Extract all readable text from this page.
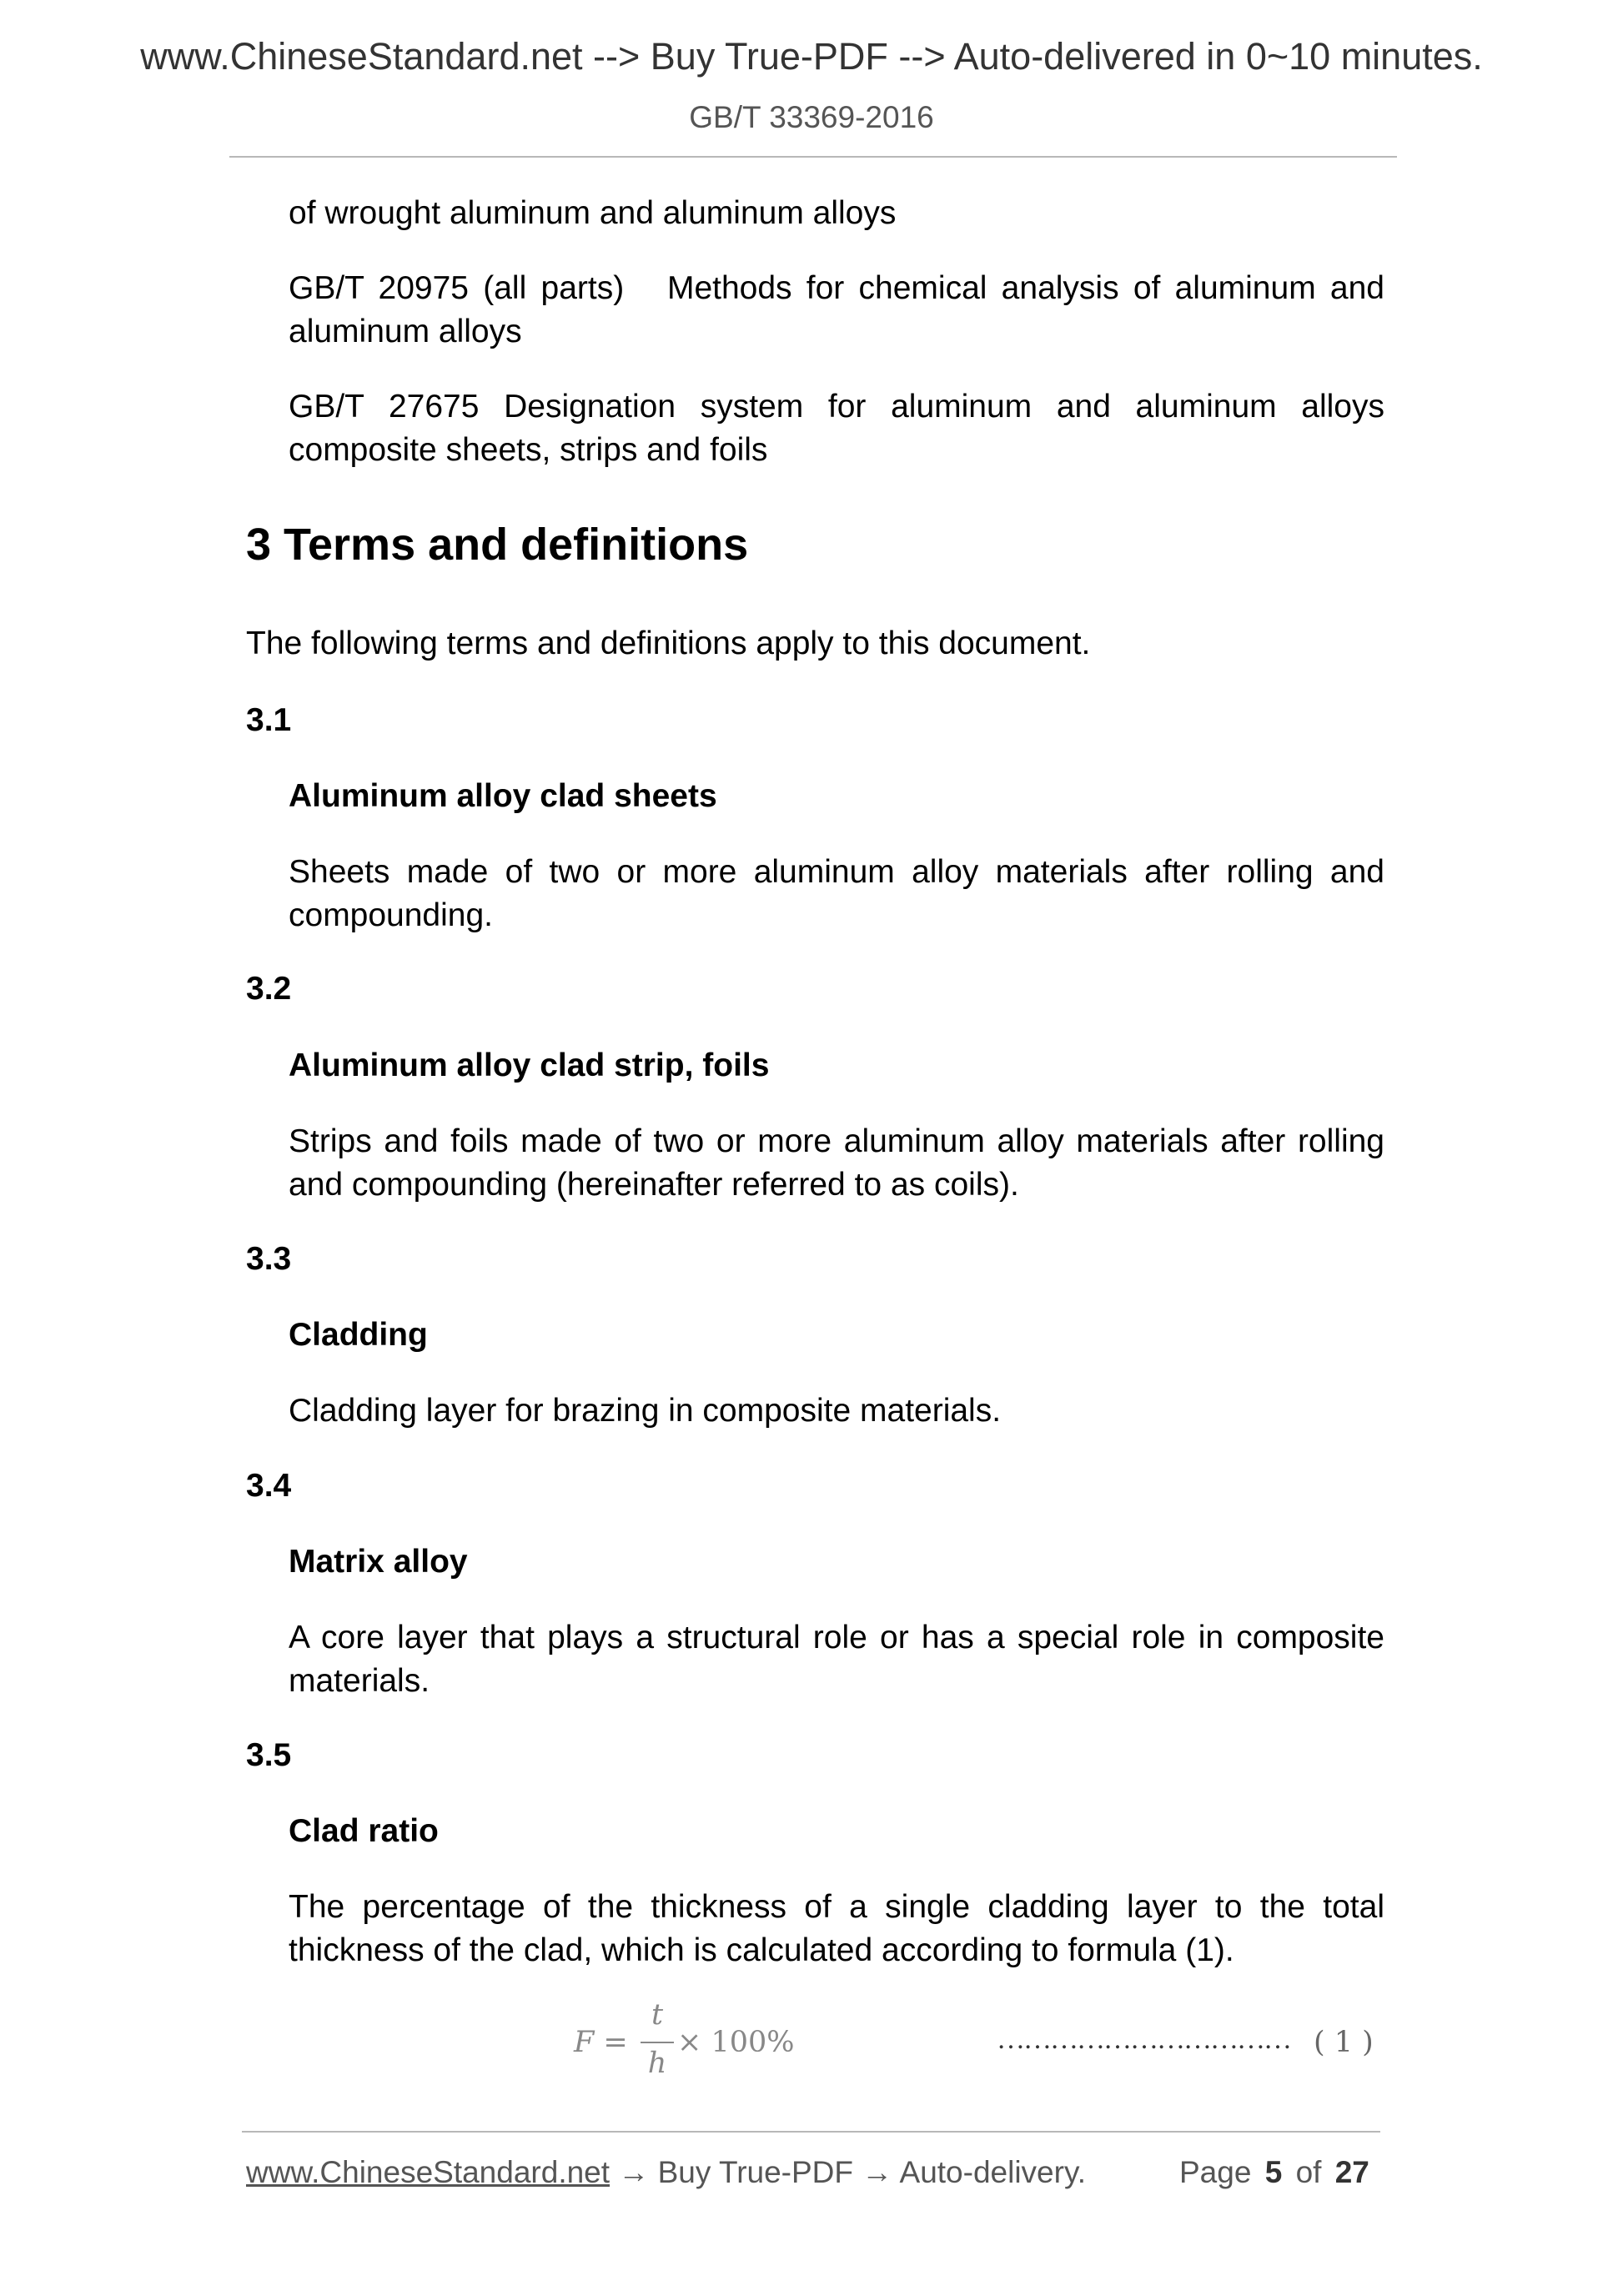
www.ChineseStandard.net --> Buy True-PDF --> Auto-delivered in 0~10 minutes.
GB/T 33369-2016
of wrought aluminum and aluminum alloys
GB/T 20975 (all parts)   Methods for chemical analysis of aluminum and aluminum alloys
GB/T 27675 Designation system for aluminum and aluminum alloys composite sheets, strips and foils
3 Terms and definitions
The following terms and definitions apply to this document.
3.1
Aluminum alloy clad sheets
Sheets made of two or more aluminum alloy materials after rolling and compounding.
3.2
Aluminum alloy clad strip, foils
Strips and foils made of two or more aluminum alloy materials after rolling and compounding (hereinafter referred to as coils).
3.3
Cladding
Cladding layer for brazing in composite materials.
3.4
Matrix alloy
A core layer that plays a structural role or has a special role in composite materials.
3.5
Clad ratio
The percentage of the thickness of a single cladding layer to the total thickness of the clad, which is calculated according to formula (1).
F =
t
h
× 100%	…………………………… ( 1 )
www.ChineseStandard.net → Buy True-PDF → Auto-delivery.	Page 5 of 27
